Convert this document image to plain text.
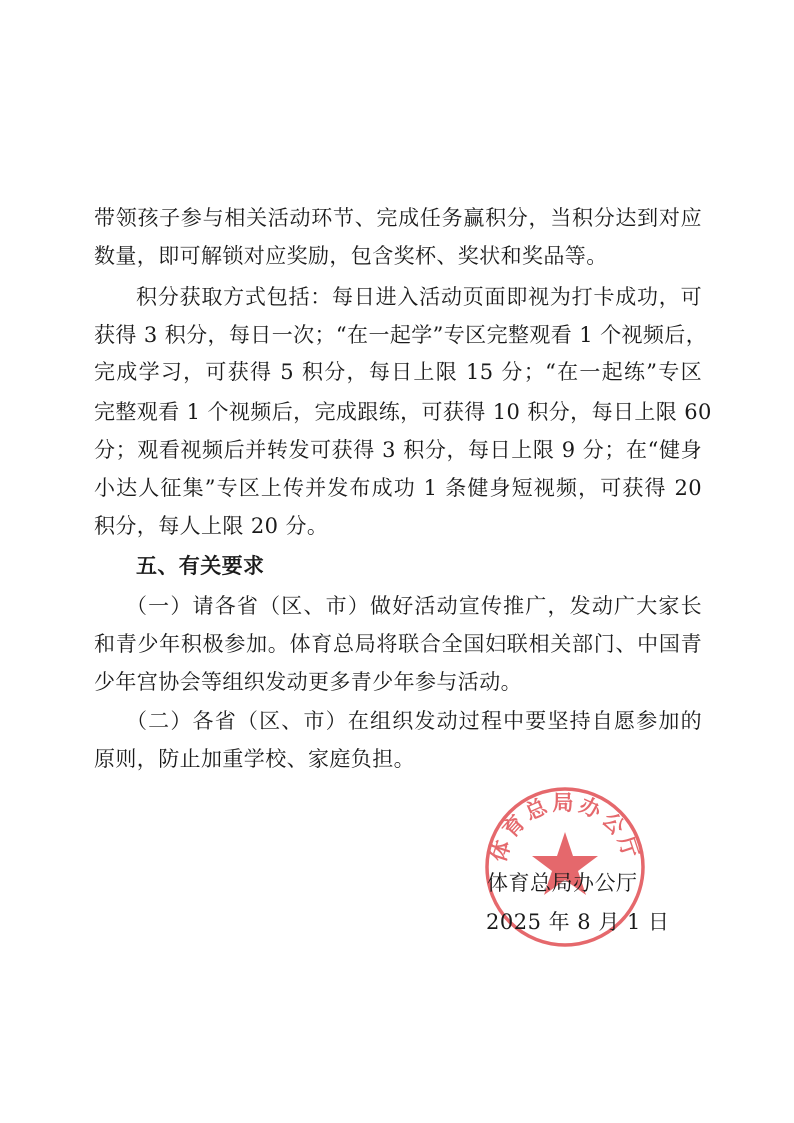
带领孩子参与相关活动环节、完成任务赢积分，当积分达到对应
数量，即可解锁对应奖励，包含奖杯、奖状和奖品等。
积分获取方式包括：每日进入活动页面即视为打卡成功，可
获得 3 积分，每日一次；“在一起学”专区完整观看 1 个视频后，
完成学习，可获得 5 积分，每日上限 15 分；“在一起练”专区
完整观看 1 个视频后，完成跟练，可获得 10 积分，每日上限 60
分；观看视频后并转发可获得 3 积分，每日上限 9 分；在“健身
小达人征集”专区上传并发布成功 1 条健身短视频，可获得 20
积分，每人上限 20 分。
五、有关要求
（一）请各省（区、市）做好活动宣传推广，发动广大家长
和青少年积极参加。体育总局将联合全国妇联相关部门、中国青
少年宫协会等组织发动更多青少年参与活动。
（二）各省（区、市）在组织发动过程中要坚持自愿参加的
原则，防止加重学校、家庭负担。
体育总局办公厅
体育总局办公厅
2025 年 8 月 1 日
